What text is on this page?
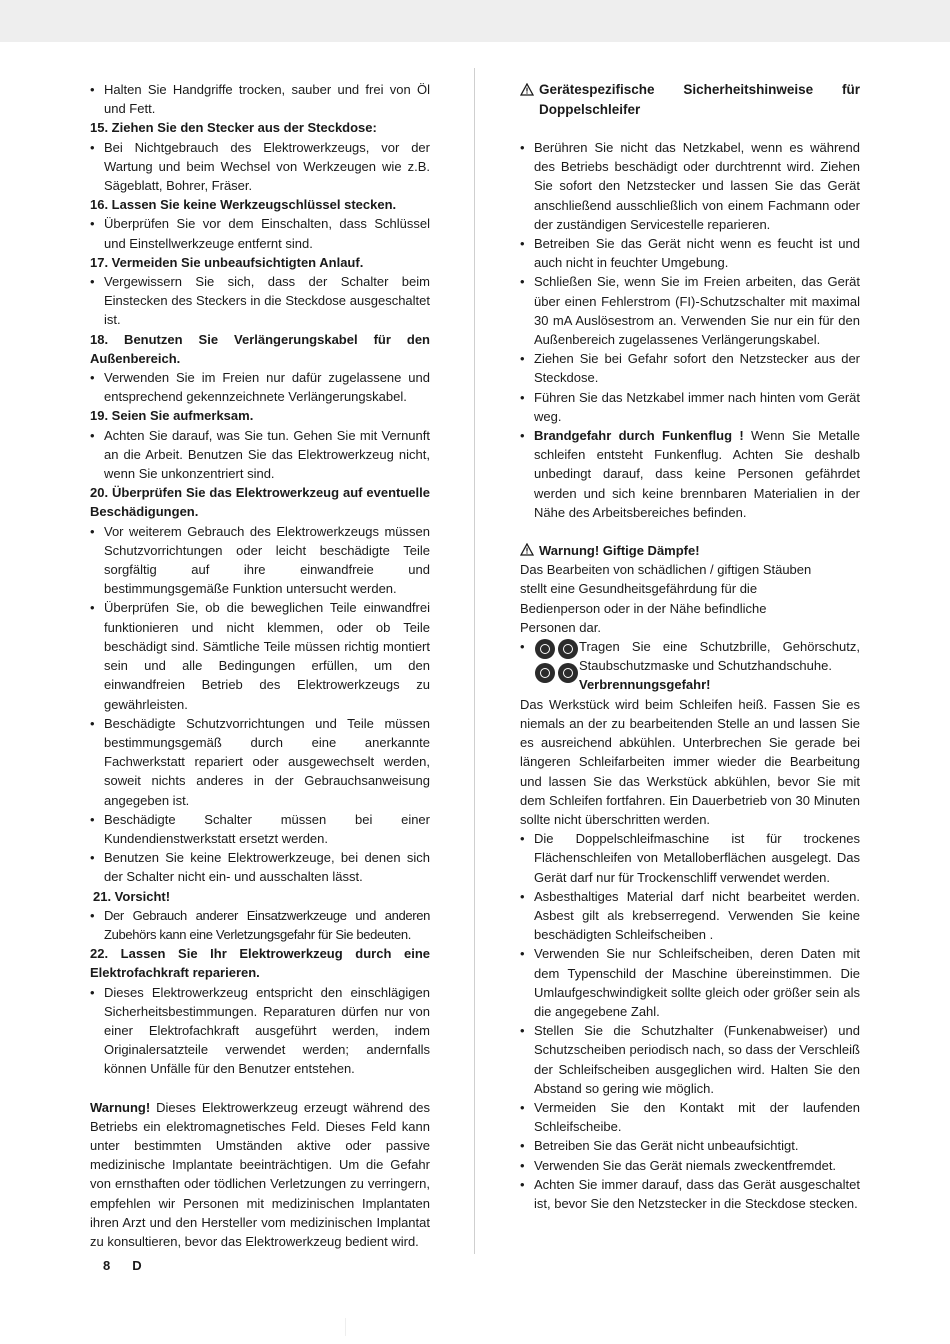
• Halten Sie Handgriffe trocken, sauber und frei von Öl und Fett.

15. Ziehen Sie den Stecker aus der Steckdose:

• Bei Nichtgebrauch des Elektrowerkzeugs, vor der Wartung und beim Wechsel von Werkzeugen wie z.B. Sägeblatt, Bohrer, Fräser.

16. Lassen Sie keine Werkzeugschlüssel stecken.

• Überprüfen Sie vor dem Einschalten, dass Schlüssel und Einstellwerkzeuge entfernt sind.

17. Vermeiden Sie unbeaufsichtigten Anlauf.

• Vergewissern Sie sich, dass der Schalter beim Einstecken des Steckers in die Steckdose ausgeschaltet ist.

18. Benutzen Sie Verlängerungskabel für den Außenbereich.

• Verwenden Sie im Freien nur dafür zugelassene und entsprechend gekennzeichnete Verlängerungskabel.

19. Seien Sie aufmerksam.

• Achten Sie darauf, was Sie tun. Gehen Sie mit Vernunft an die Arbeit. Benutzen Sie das Elektrowerkzeug nicht, wenn Sie unkonzentriert sind.

20. Überprüfen Sie das Elektrowerkzeug auf eventuelle Beschädigungen.

• Vor weiterem Gebrauch des Elektrowerkzeugs müssen Schutzvorrichtungen oder leicht beschädigte Teile sorgfältig auf ihre einwandfreie und bestimmungsgemäße Funktion untersucht werden.
• Überprüfen Sie, ob die beweglichen Teile einwandfrei funktionieren und nicht klemmen, oder ob Teile beschädigt sind. Sämtliche Teile müssen richtig montiert sein und alle Bedingungen erfüllen, um den einwandfreien Betrieb des Elektrowerkzeugs zu gewährleisten.
• Beschädigte Schutzvorrichtungen und Teile müssen bestimmungsgemäß durch eine anerkannte Fachwerkstatt repariert oder ausgewechselt werden, soweit nichts anderes in der Gebrauchsanweisung angegeben ist.
• Beschädigte Schalter müssen bei einer Kundendienstwerkstatt ersetzt werden.
• Benutzen Sie keine Elektrowerkzeuge, bei denen sich der Schalter nicht ein- und ausschalten lässt.

21. Vorsicht!

• Der Gebrauch anderer Einsatzwerkzeuge und anderen Zubehörs kann eine Verletzungsgefahr für Sie bedeuten.

22. Lassen Sie Ihr Elektrowerkzeug durch eine Elektrofachkraft reparieren.

• Dieses Elektrowerkzeug entspricht den einschlägigen Sicherheitsbestimmungen. Reparaturen dürfen nur von einer Elektrofachkraft ausgeführt werden, indem Originalersatzteile verwendet werden; andernfalls können Unfälle für den Benutzer entstehen.

Warnung! Dieses Elektrowerkzeug erzeugt während des Betriebs ein elektromagnetisches Feld. Dieses Feld kann unter bestimmten Umständen aktive oder passive medizinische Implantate beeinträchtigen. Um die Gefahr von ernsthaften oder tödlichen Verletzungen zu verringern, empfehlen wir Personen mit medizinischen Implantaten ihren Arzt und den Hersteller vom medizinischen Implantat zu konsultieren, bevor das Elektrowerkzeug bedient wird.

Gerätespezifische Sicherheitshinweise für Doppelschleifer
• Berühren Sie nicht das Netzkabel, wenn es während des Betriebs beschädigt oder durchtrennt wird. Ziehen Sie sofort den Netzstecker und lassen Sie das Gerät anschließend ausschließlich von einem Fachmann oder der zuständigen Servicestelle reparieren.
• Betreiben Sie das Gerät nicht wenn es feucht ist und auch nicht in feuchter Umgebung.
• Schließen Sie, wenn Sie im Freien arbeiten, das Gerät über einen Fehlerstrom (FI)-Schutzschalter mit maximal 30 mA Auslösestrom an. Verwenden Sie nur ein für den Außenbereich zugelassenes Verlängerungskabel.
• Ziehen Sie bei Gefahr sofort den Netzstecker aus der Steckdose.
• Führen Sie das Netzkabel immer nach hinten vom Gerät weg.
• Brandgefahr durch Funkenflug ! Wenn Sie Metalle schleifen entsteht Funkenflug. Achten Sie deshalb unbedingt darauf, dass keine Personen gefährdet werden und sich keine brennbaren Materialien in der Nähe des Arbeitsbereiches befinden.

Warnung! Giftige Dämpfe!

Das Bearbeiten von schädlichen / giftigen Stäuben stellt eine Gesundheitsgefährdung für die Bedienperson oder in der Nähe befindliche Personen dar.

•	Tragen Sie eine Schutzbrille, Gehörschutz, Staubschutzmaske und Schutzhandschuhe.

Verbrennungsgefahr!

Das Werkstück wird beim Schleifen heiß. Fassen Sie es niemals an der zu bearbeitenden Stelle an und lassen Sie es ausreichend abkühlen. Unterbrechen Sie gerade bei längeren Schleifarbeiten immer wieder die Bearbeitung und lassen Sie das Werkstück abkühlen, bevor Sie mit dem Schleifen fortfahren. Ein Dauerbetrieb von 30 Minuten sollte nicht überschritten werden.

• Die Doppelschleifmaschine ist für trockenes Flächenschleifen von Metalloberflächen ausgelegt. Das Gerät darf nur für Trockenschliff verwendet werden.
• Asbesthaltiges Material darf nicht bearbeitet werden. Asbest gilt als krebserregend. Verwenden Sie keine beschädigten Schleifscheiben .
• Verwenden Sie nur Schleifscheiben, deren Daten mit dem Typenschild der Maschine übereinstimmen. Die Umlaufgeschwindigkeit sollte gleich oder größer sein als die angegebene Zahl.
• Stellen Sie die Schutzhalter (Funkenabweiser) und Schutzscheiben periodisch nach, so dass der Verschleiß der Schleifscheiben ausgeglichen wird. Halten Sie den Abstand so gering wie möglich.
• Vermeiden Sie den Kontakt mit der laufenden Schleifscheibe.
• Betreiben Sie das Gerät nicht unbeaufsichtigt.
• Verwenden Sie das Gerät niemals zweckentfremdet.
• Achten Sie immer darauf, dass das Gerät ausgeschaltet ist, bevor Sie den Netzstecker in die Steckdose stecken.
8 D
